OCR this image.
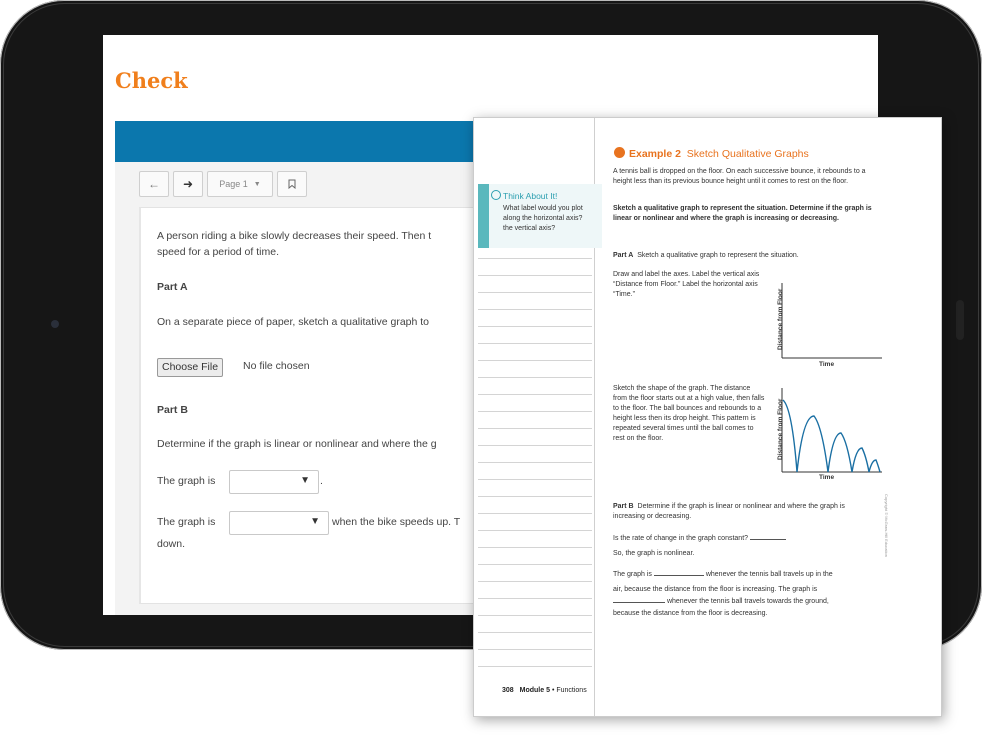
Check
← ➜	Page 1 ▼
A person riding a bike slowly decreases their speed. Then t
speed for a period of time.
Part A
On a separate piece of paper, sketch a qualitative graph to
Choose File	No file chosen
Part B
Determine if the graph is linear or nonlinear and where the g
The graph is	▼ .
The graph is	▼ when the bike speeds up. T
down.
Think About It!
What label would you plot along the horizontal axis? the vertical axis?
308 Module 5 • Functions
Example 2 Sketch Qualitative Graphs
A tennis ball is dropped on the floor. On each successive bounce, it rebounds to a height less than its previous bounce height until it comes to rest on the floor.
Sketch a qualitative graph to represent the situation. Determine if the graph is linear or nonlinear and where the graph is increasing or decreasing.
Part A Sketch a qualitative graph to represent the situation.
Draw and label the axes. Label the vertical axis “Distance from Floor.” Label the horizontal axis “Time.”
Sketch the shape of the graph. The distance from the floor starts out at a high value, then falls to the floor. The ball bounces and rebounds to a height less then its drop height. This pattern is repeated several times until the ball comes to rest on the floor.
Distance from Floor
Time
Distance from Floor
Time
Part B Determine if the graph is linear or nonlinear and where the graph is increasing or decreasing.
Is the rate of change in the graph constant?
So, the graph is nonlinear.
The graph is	whenever the tennis ball travels up in the
air, because the distance from the floor is increasing. The graph is
whenever the tennis ball travels towards the ground,
because the distance from the floor is decreasing.
Copyright © McGraw-Hill Education
